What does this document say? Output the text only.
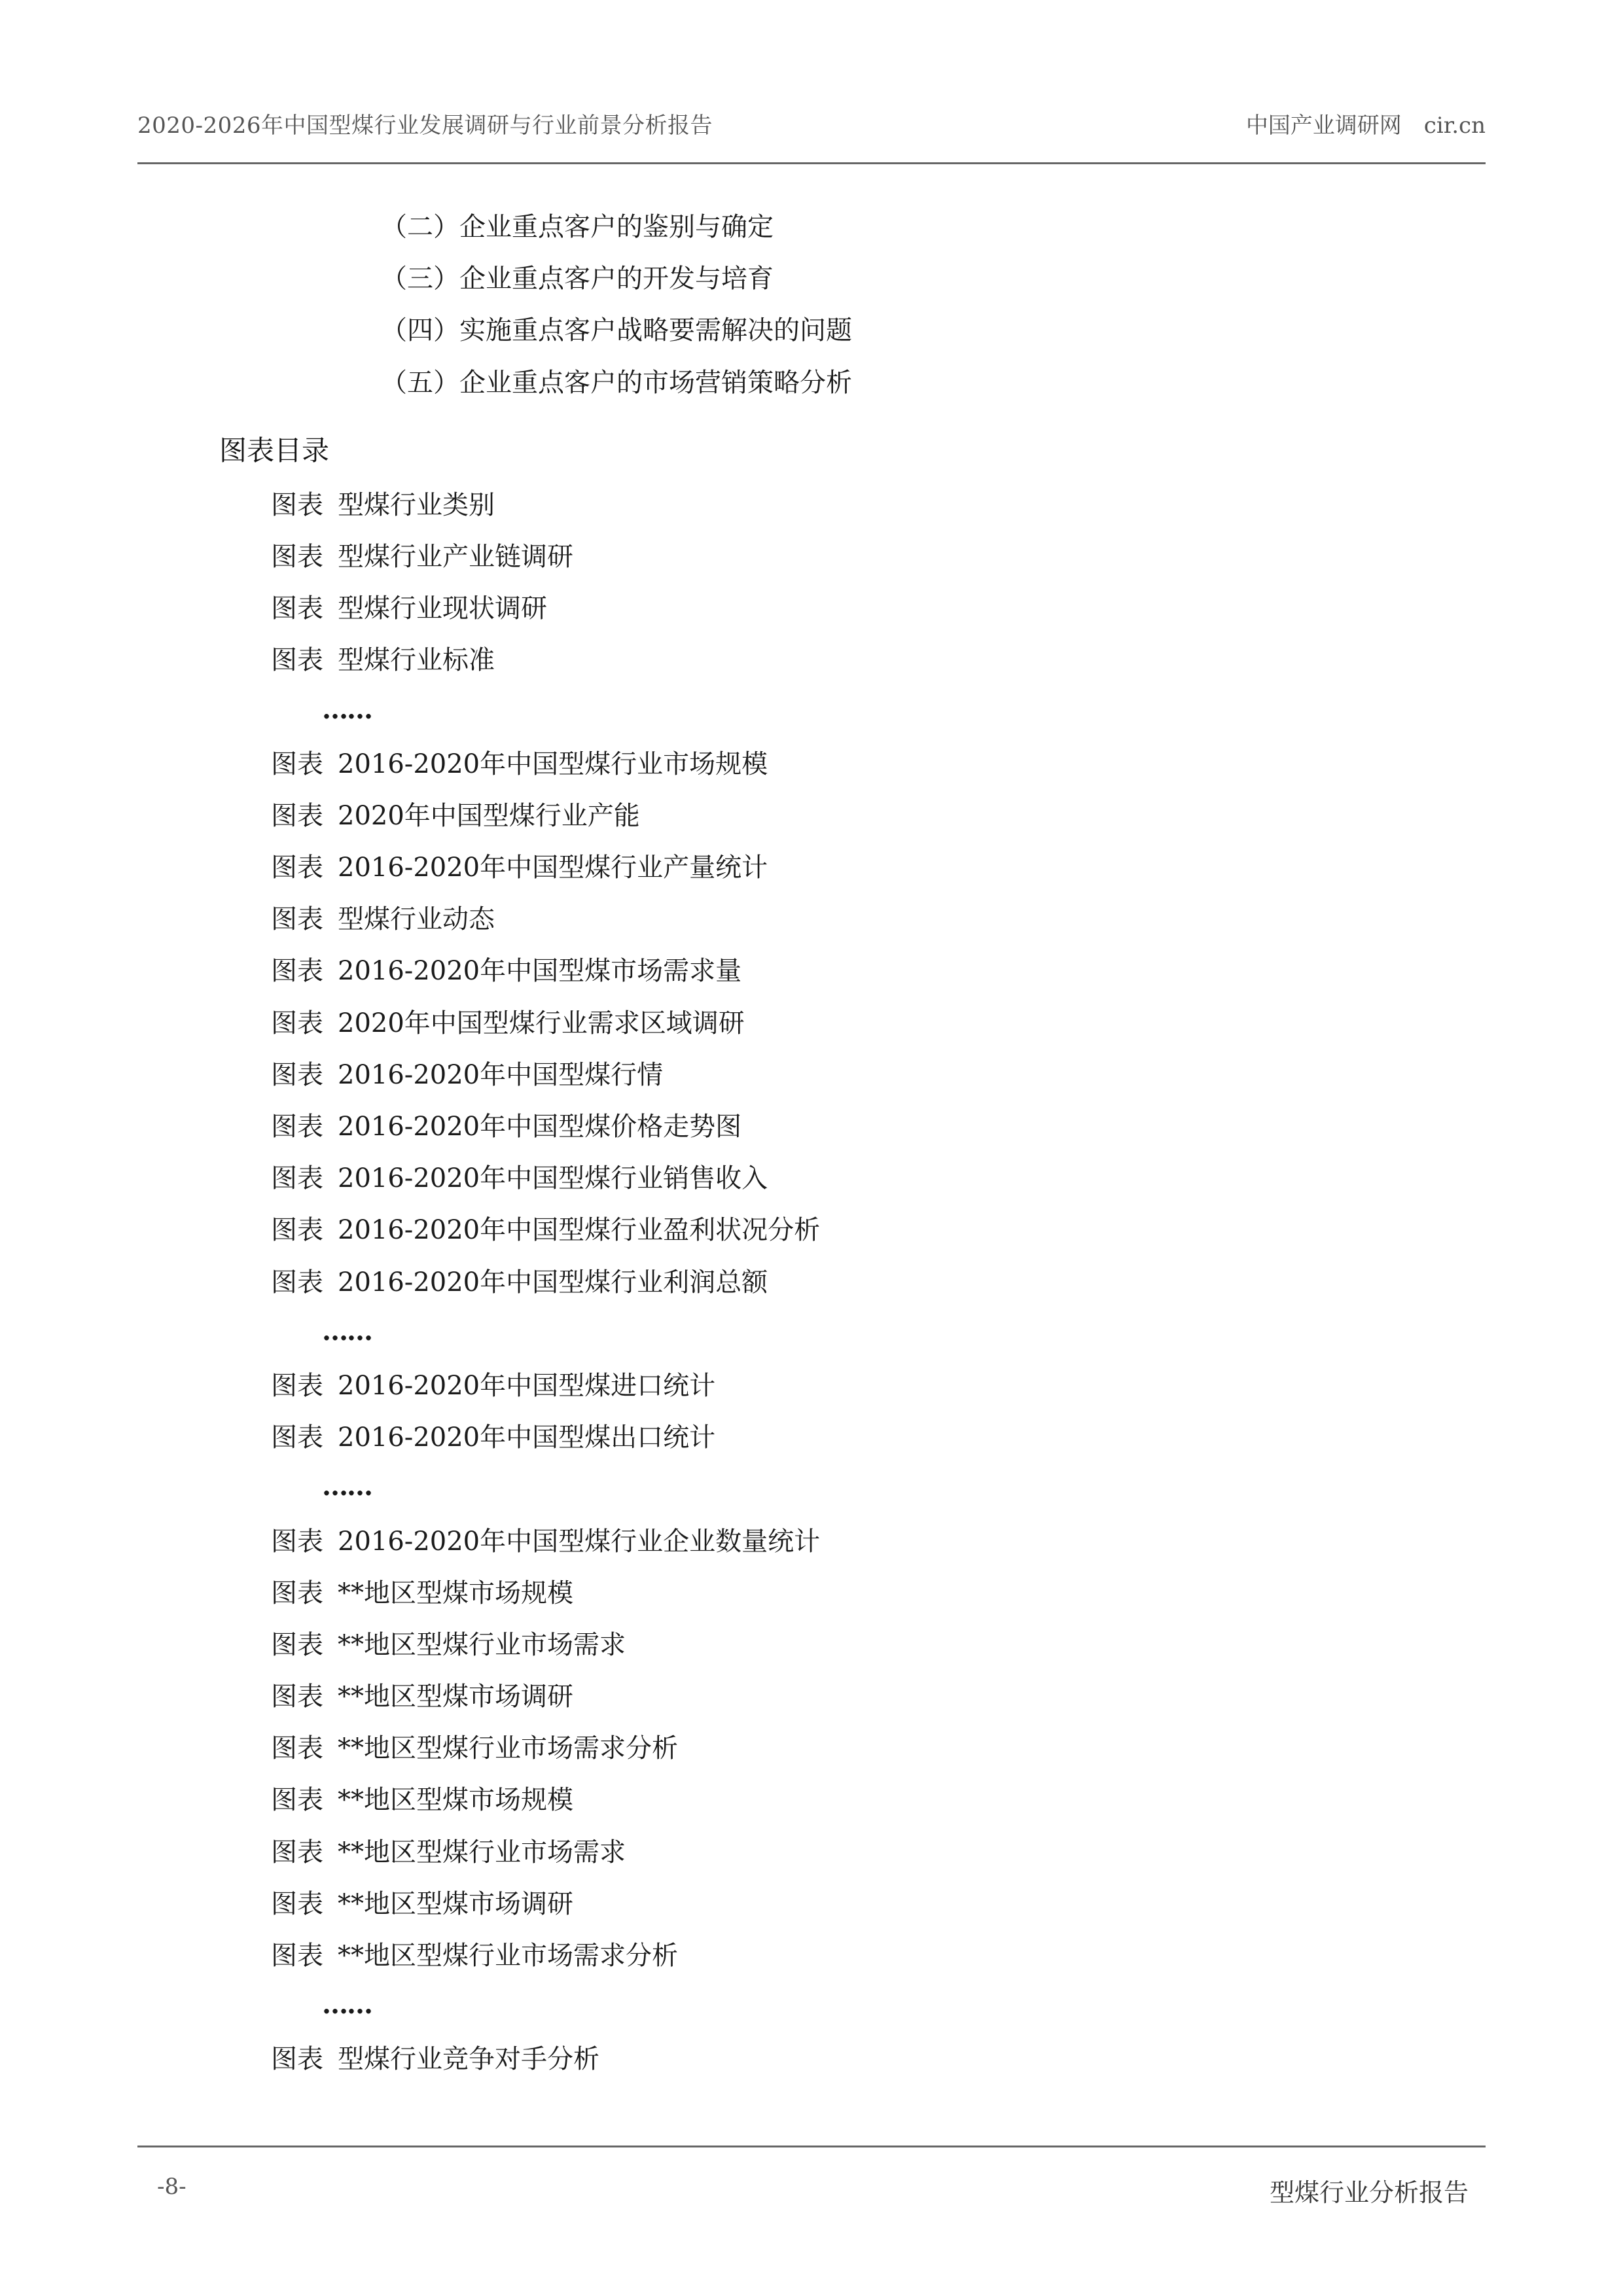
2020-2026年中国型煤行业发展调研与行业前景分析报告	中国产业调研网　cir.cn
（二）企业重点客户的鉴别与确定
（三）企业重点客户的开发与培育
（四）实施重点客户战略要需解决的问题
（五）企业重点客户的市场营销策略分析
图表目录
图表 型煤行业类别
图表 型煤行业产业链调研
图表 型煤行业现状调研
图表 型煤行业标准
……
图表 2016-2020年中国型煤行业市场规模
图表 2020年中国型煤行业产能
图表 2016-2020年中国型煤行业产量统计
图表 型煤行业动态
图表 2016-2020年中国型煤市场需求量
图表 2020年中国型煤行业需求区域调研
图表 2016-2020年中国型煤行情
图表 2016-2020年中国型煤价格走势图
图表 2016-2020年中国型煤行业销售收入
图表 2016-2020年中国型煤行业盈利状况分析
图表 2016-2020年中国型煤行业利润总额
……
图表 2016-2020年中国型煤进口统计
图表 2016-2020年中国型煤出口统计
……
图表 2016-2020年中国型煤行业企业数量统计
图表 **地区型煤市场规模
图表 **地区型煤行业市场需求
图表 **地区型煤市场调研
图表 **地区型煤行业市场需求分析
图表 **地区型煤市场规模
图表 **地区型煤行业市场需求
图表 **地区型煤市场调研
图表 **地区型煤行业市场需求分析
……
图表 型煤行业竞争对手分析
-8-	型煤行业分析报告
